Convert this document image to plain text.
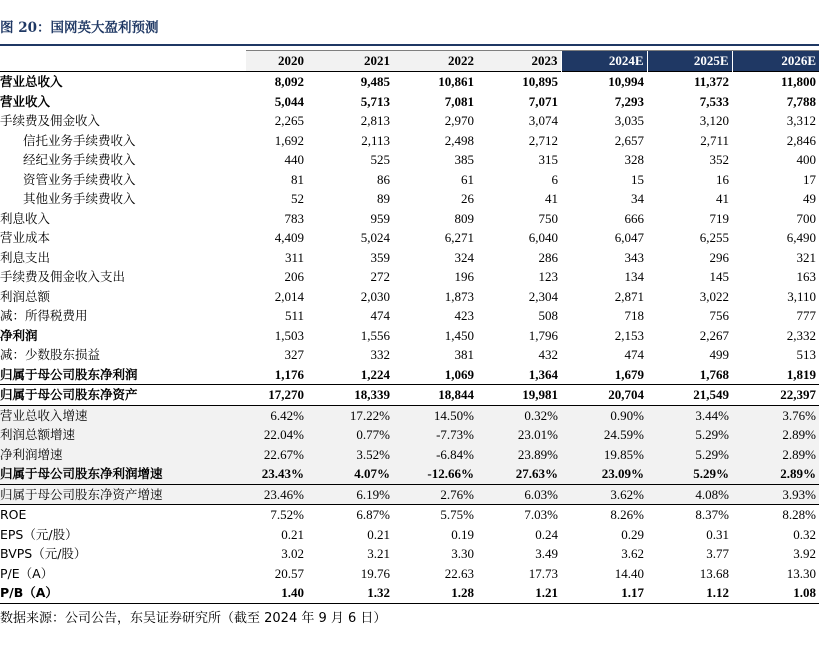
图 20：国网英大盈利预测
	2020	2021	2022	2023	2024E	2025E	2026E
营业总收入	8,092	9,485	10,861	10,895	10,994	11,372	11,800
营业收入	5,044	5,713	7,081	7,071	7,293	7,533	7,788
手续费及佣金收入	2,265	2,813	2,970	3,074	3,035	3,120	3,312
信托业务手续费收入	1,692	2,113	2,498	2,712	2,657	2,711	2,846
经纪业务手续费收入	440	525	385	315	328	352	400
资管业务手续费收入	81	86	61	6	15	16	17
其他业务手续费收入	52	89	26	41	34	41	49
利息收入	783	959	809	750	666	719	700
营业成本	4,409	5,024	6,271	6,040	6,047	6,255	6,490
利息支出	311	359	324	286	343	296	321
手续费及佣金收入支出	206	272	196	123	134	145	163
利润总额	2,014	2,030	1,873	2,304	2,871	3,022	3,110
减：所得税费用	511	474	423	508	718	756	777
净利润	1,503	1,556	1,450	1,796	2,153	2,267	2,332
减：少数股东损益	327	332	381	432	474	499	513
归属于母公司股东净利润	1,176	1,224	1,069	1,364	1,679	1,768	1,819
归属于母公司股东净资产	17,270	18,339	18,844	19,981	20,704	21,549	22,397
营业总收入增速	6.42%	17.22%	14.50%	0.32%	0.90%	3.44%	3.76%
利润总额增速	22.04%	0.77%	-7.73%	23.01%	24.59%	5.29%	2.89%
净利润增速	22.67%	3.52%	-6.84%	23.89%	19.85%	5.29%	2.89%
归属于母公司股东净利润增速	23.43%	4.07%	-12.66%	27.63%	23.09%	5.29%	2.89%
归属于母公司股东净资产增速	23.46%	6.19%	2.76%	6.03%	3.62%	4.08%	3.93%
ROE	7.52%	6.87%	5.75%	7.03%	8.26%	8.37%	8.28%
EPS（元/股）	0.21	0.21	0.19	0.24	0.29	0.31	0.32
BVPS（元/股）	3.02	3.21	3.30	3.49	3.62	3.77	3.92
P/E（A）	20.57	19.76	22.63	17.73	14.40	13.68	13.30
P/B（A）	1.40	1.32	1.28	1.21	1.17	1.12	1.08
数据来源：公司公告，东吴证券研究所（截至 2024 年 9 月 6 日）
